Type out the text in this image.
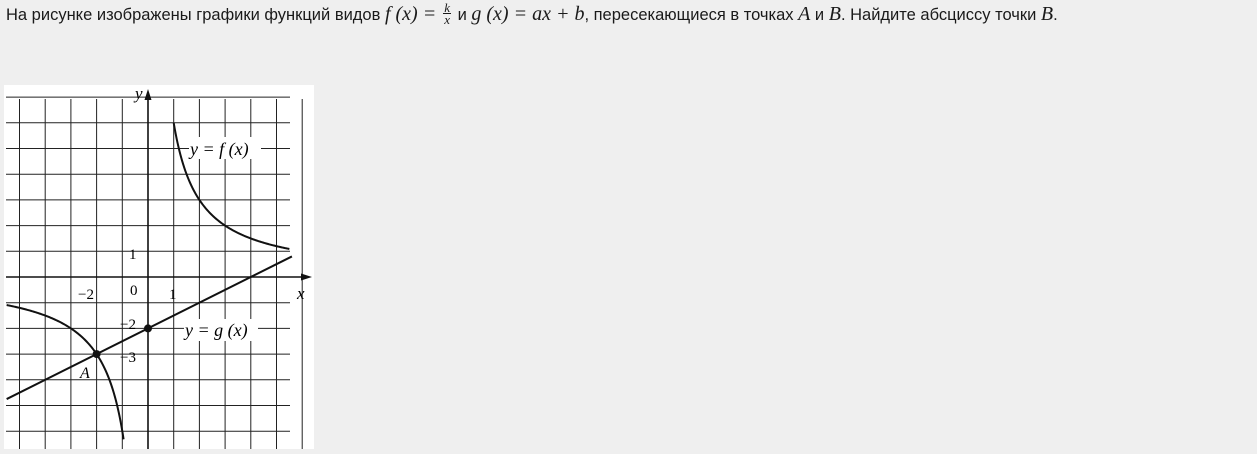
На рисунке изображены графики функций видов f $(x) = \frac{k}{x}$ и g (x) = ax + b, пересекающиеся в точках A и B. Найдите абсциссу точки B.
y
x
1
−2 0 1
−2
−3
y = f (x)
y = g (x)
A
